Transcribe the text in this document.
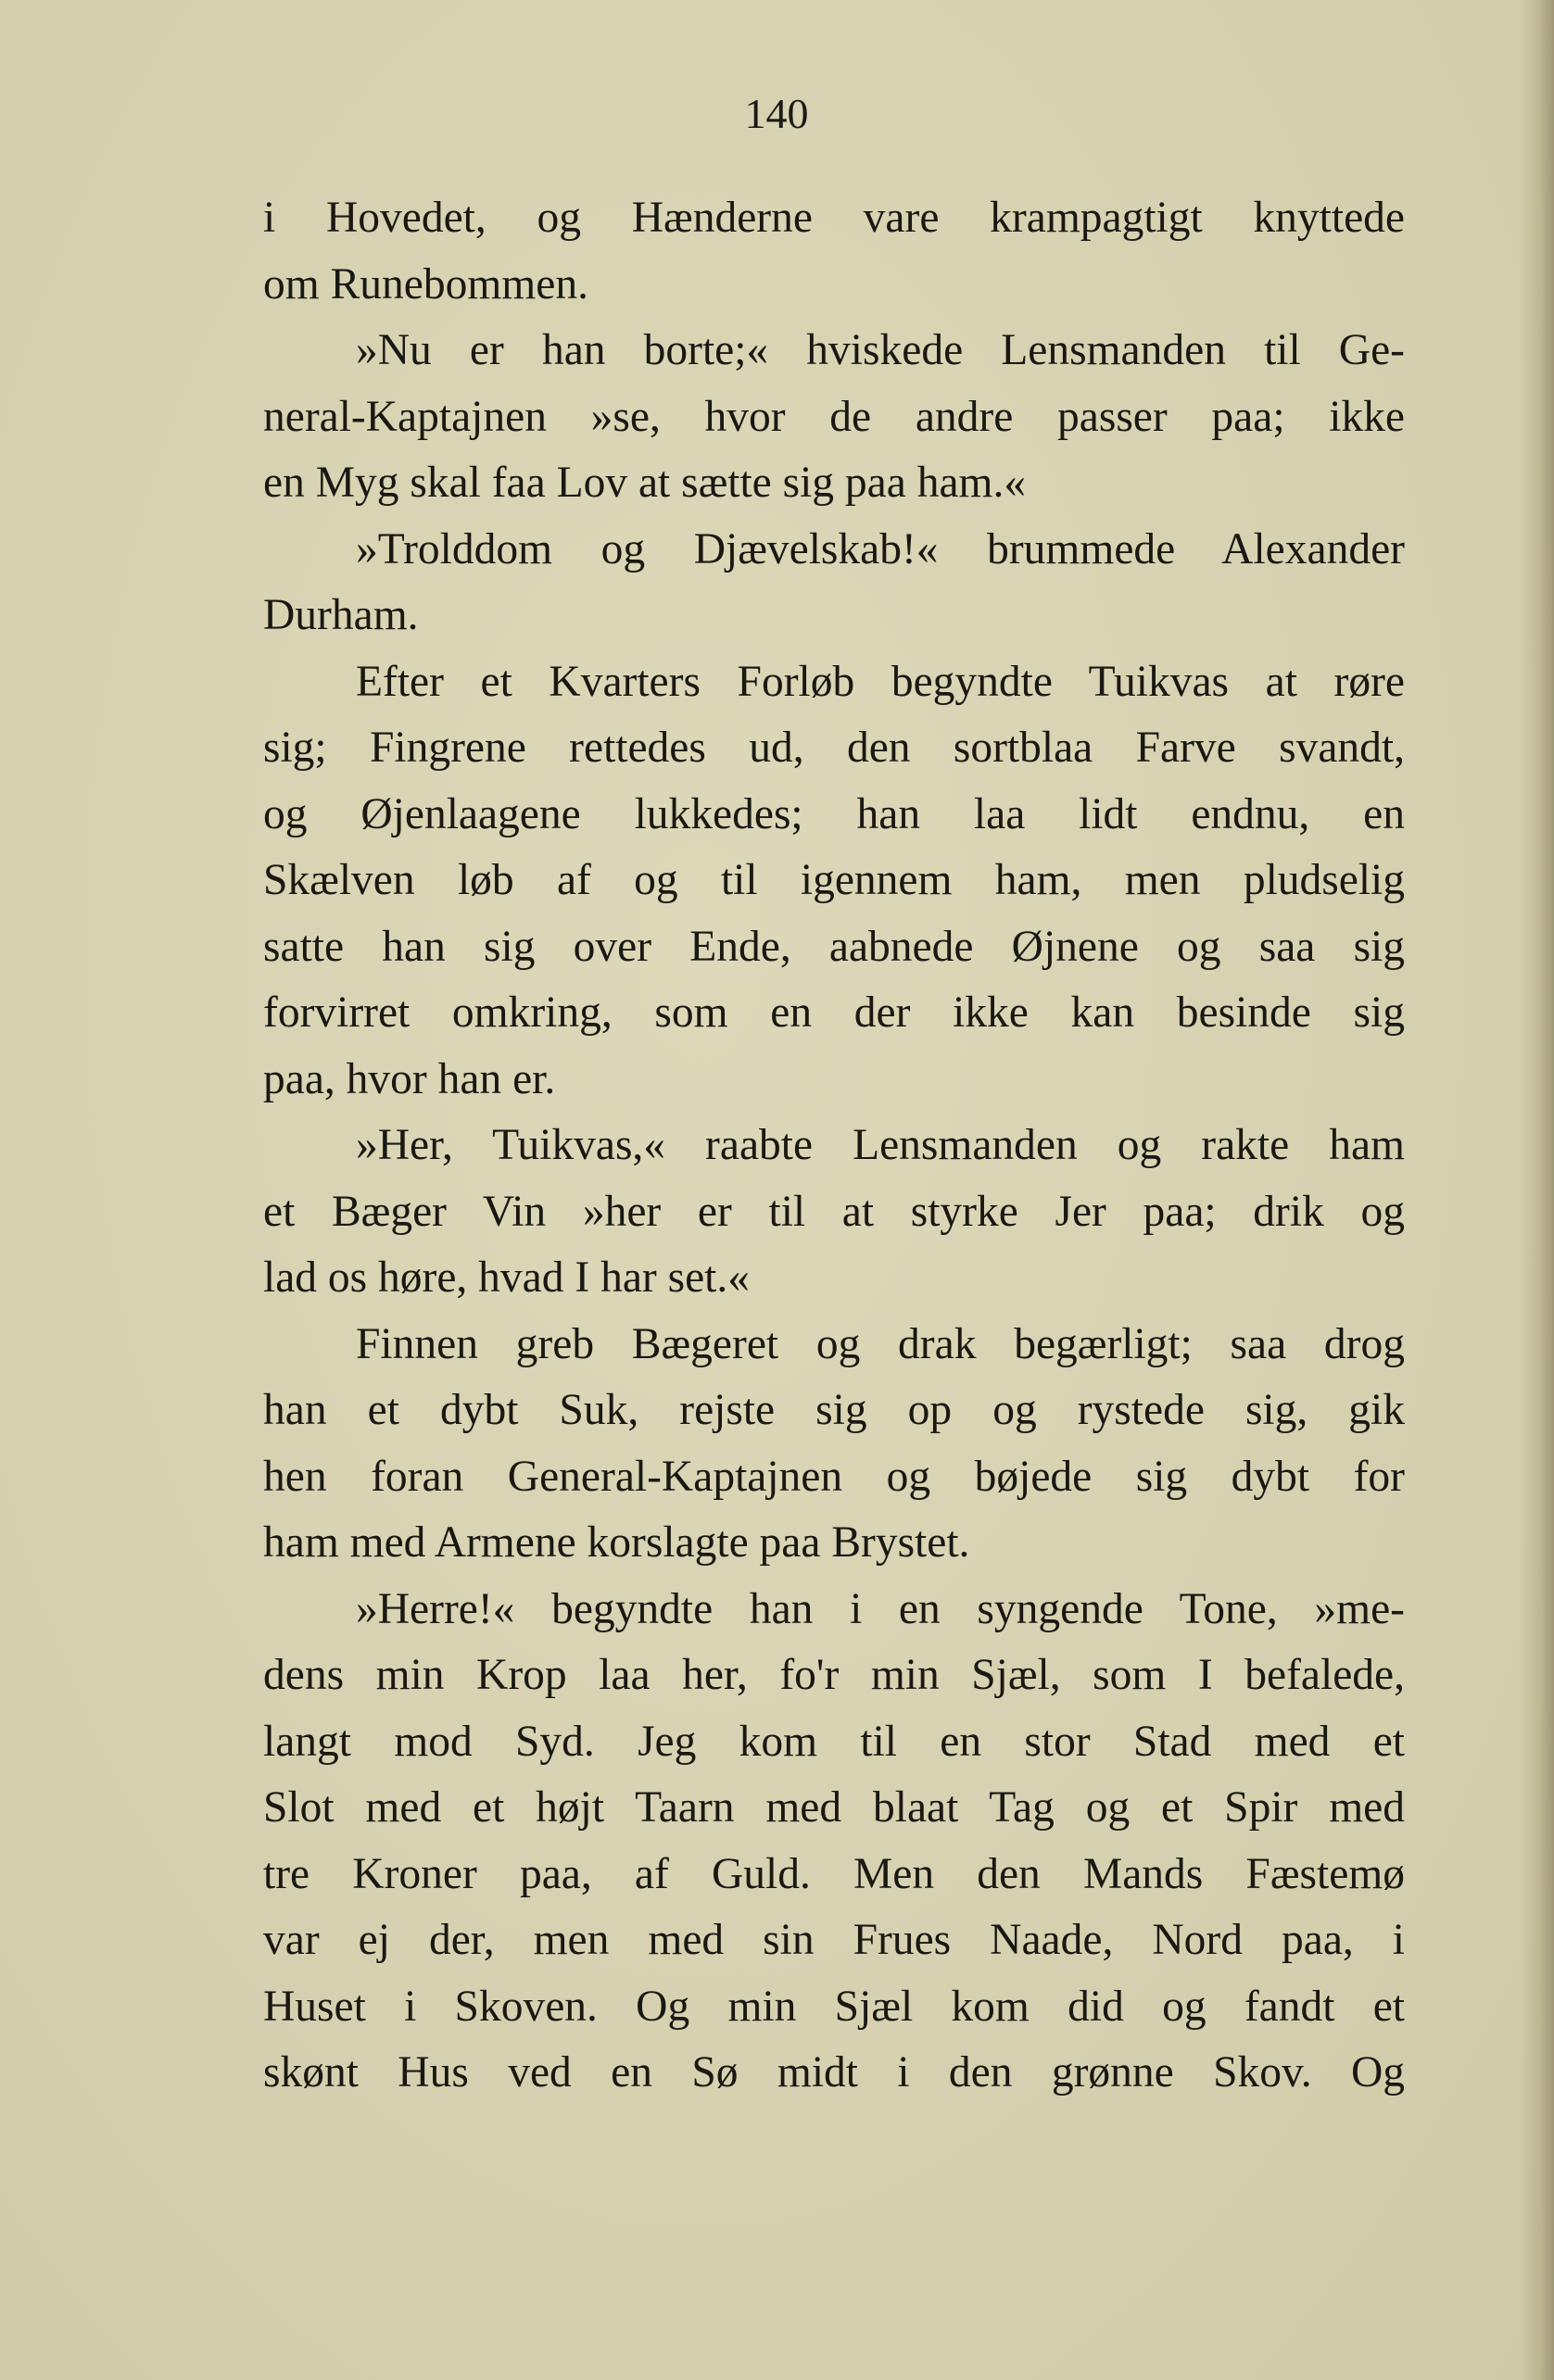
140
i Hovedet, og Hænderne vare krampagtigt knyttede
om Runebommen.
»Nu er han borte;« hviskede Lensmanden til Ge-
neral-Kaptajnen »se, hvor de andre passer paa; ikke
en Myg skal faa Lov at sætte sig paa ham.«
»Trolddom og Djævelskab!« brummede Alexander
Durham.
Efter et Kvarters Forløb begyndte Tuikvas at røre
sig; Fingrene rettedes ud, den sortblaa Farve svandt,
og Øjenlaagene lukkedes; han laa lidt endnu, en
Skælven løb af og til igennem ham, men pludselig
satte han sig over Ende, aabnede Øjnene og saa sig
forvirret omkring, som en der ikke kan besinde sig
paa, hvor han er.
»Her, Tuikvas,« raabte Lensmanden og rakte ham
et Bæger Vin »her er til at styrke Jer paa; drik og
lad os høre, hvad I har set.«
Finnen greb Bægeret og drak begærligt; saa drog
han et dybt Suk, rejste sig op og rystede sig, gik
hen foran General-Kaptajnen og bøjede sig dybt for
ham med Armene korslagte paa Brystet.
»Herre!« begyndte han i en syngende Tone, »me-
dens min Krop laa her, fo'r min Sjæl, som I befalede,
langt mod Syd. Jeg kom til en stor Stad med et
Slot med et højt Taarn med blaat Tag og et Spir med
tre Kroner paa, af Guld. Men den Mands Fæstemø
var ej der, men med sin Frues Naade, Nord paa, i
Huset i Skoven. Og min Sjæl kom did og fandt et
skønt Hus ved en Sø midt i den grønne Skov. Og
